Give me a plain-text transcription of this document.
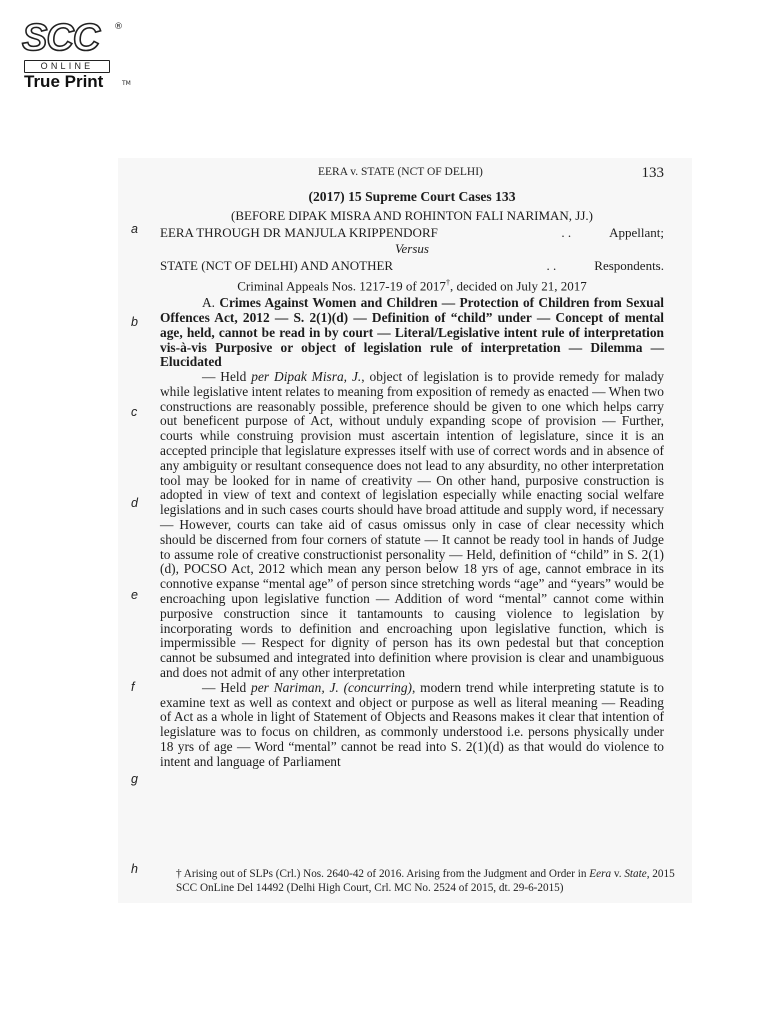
SCC ®
ONLINE
True Print	TM
EERA v. STATE (NCT OF DELHI)	133
a
b
c
d
e
f
g
h
(2017) 15 Supreme Court Cases 133
(BEFORE DIPAK MISRA AND ROHINTON FALI NARIMAN, JJ.)
EERA THROUGH DR MANJULA KRIPPENDORF	. .	Appellant;
Versus
STATE (NCT OF DELHI) AND ANOTHER	. .	Respondents.
Criminal Appeals Nos. 1217-19 of 2017†, decided on July 21, 2017

A. Crimes Against Women and Children — Protection of Children from Sexual Offences Act, 2012 — S. 2(1)(d) — Definition of “child” under — Concept of mental age, held, cannot be read in by court — Literal/Legislative intent rule of interpretation vis-à-vis Purposive or object of legislation rule of interpretation — Dilemma — Elucidated

— Held per Dipak Misra, J., object of legislation is to provide remedy for malady while legislative intent relates to meaning from exposition of remedy as enacted — When two constructions are reasonably possible, preference should be given to one which helps carry out beneficent purpose of Act, without unduly expanding scope of provision — Further, courts while construing provision must ascertain intention of legislature, since it is an accepted principle that legislature expresses itself with use of correct words and in absence of any ambiguity or resultant consequence does not lead to any absurdity, no other interpretation tool may be looked for in name of creativity — On other hand, purposive construction is adopted in view of text and context of legislation especially while enacting social welfare legislations and in such cases courts should have broad attitude and supply word, if necessary — However, courts can take aid of casus omissus only in case of clear necessity which should be discerned from four corners of statute — It cannot be ready tool in hands of Judge to assume role of creative constructionist personality — Held, definition of “child” in S. 2(1)(d), POCSO Act, 2012 which mean any person below 18 yrs of age, cannot embrace in its connotive expanse “mental age” of person since stretching words “age” and “years” would be encroaching upon legislative function — Addition of word “mental” cannot come within purposive construction since it tantamounts to causing violence to legislation by incorporating words to definition and encroaching upon legislative function, which is impermissible — Respect for dignity of person has its own pedestal but that conception cannot be subsumed and integrated into definition where provision is clear and unambiguous and does not admit of any other interpretation

— Held per Nariman, J. (concurring), modern trend while interpreting statute is to examine text as well as context and object or purpose as well as literal meaning — Reading of Act as a whole in light of Statement of Objects and Reasons makes it clear that intention of legislature was to focus on children, as commonly understood i.e. persons physically under 18 yrs of age — Word “mental” cannot be read into S. 2(1)(d) as that would do violence to intent and language of Parliament

† Arising out of SLPs (Crl.) Nos. 2640-42 of 2016. Arising from the Judgment and Order in Eera v. State, 2015 SCC OnLine Del 14492 (Delhi High Court, Crl. MC No. 2524 of 2015, dt. 29-6-2015)
